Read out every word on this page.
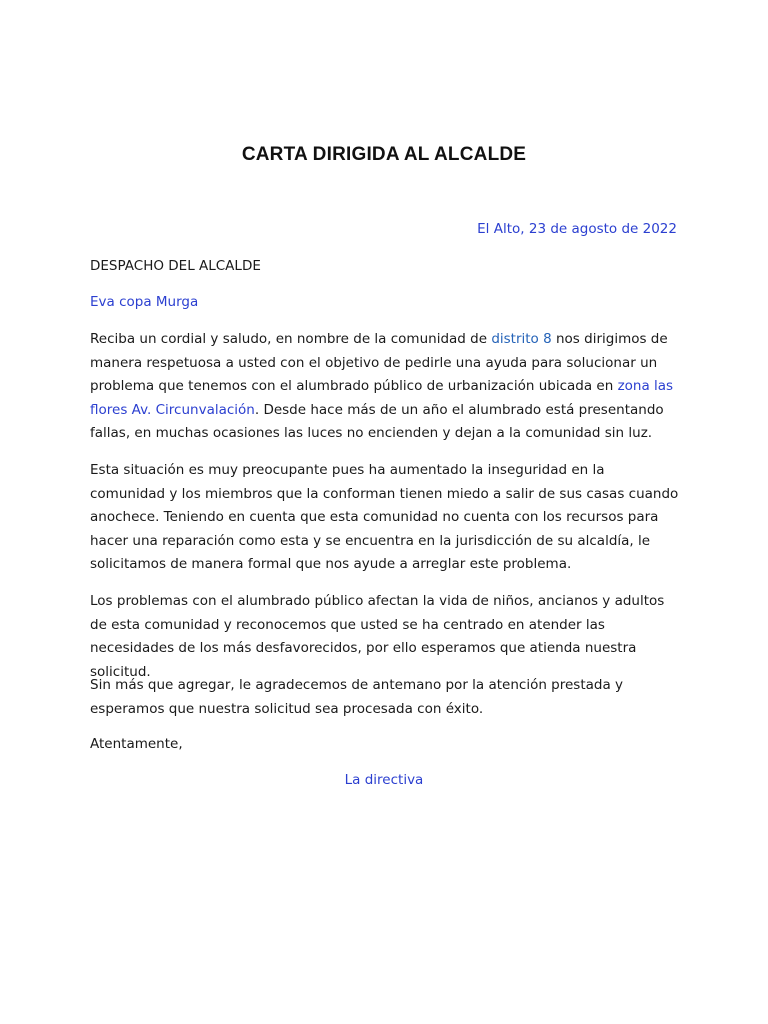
CARTA DIRIGIDA AL ALCALDE
El Alto, 23 de agosto de 2022
DESPACHO DEL ALCALDE
Eva copa Murga

Reciba un cordial y saludo, en nombre de la comunidad de distrito 8 nos dirigimos de manera respetuosa a usted con el objetivo de pedirle una ayuda para solucionar un problema que tenemos con el alumbrado público de urbanización ubicada en zona las flores Av. Circunvalación. Desde hace más de un año el alumbrado está presentando fallas, en muchas ocasiones las luces no encienden y dejan a la comunidad sin luz.

Esta situación es muy preocupante pues ha aumentado la inseguridad en la comunidad y los miembros que la conforman tienen miedo a salir de sus casas cuando anochece. Teniendo en cuenta que esta comunidad no cuenta con los recursos para hacer una reparación como esta y se encuentra en la jurisdicción de su alcaldía, le solicitamos de manera formal que nos ayude a arreglar este problema.

Los problemas con el alumbrado público afectan la vida de niños, ancianos y adultos de esta comunidad y reconocemos que usted se ha centrado en atender las necesidades de los más desfavorecidos, por ello esperamos que atienda nuestra solicitud.

Sin más que agregar, le agradecemos de antemano por la atención prestada y esperamos que nuestra solicitud sea procesada con éxito.

Atentamente,
La directiva
